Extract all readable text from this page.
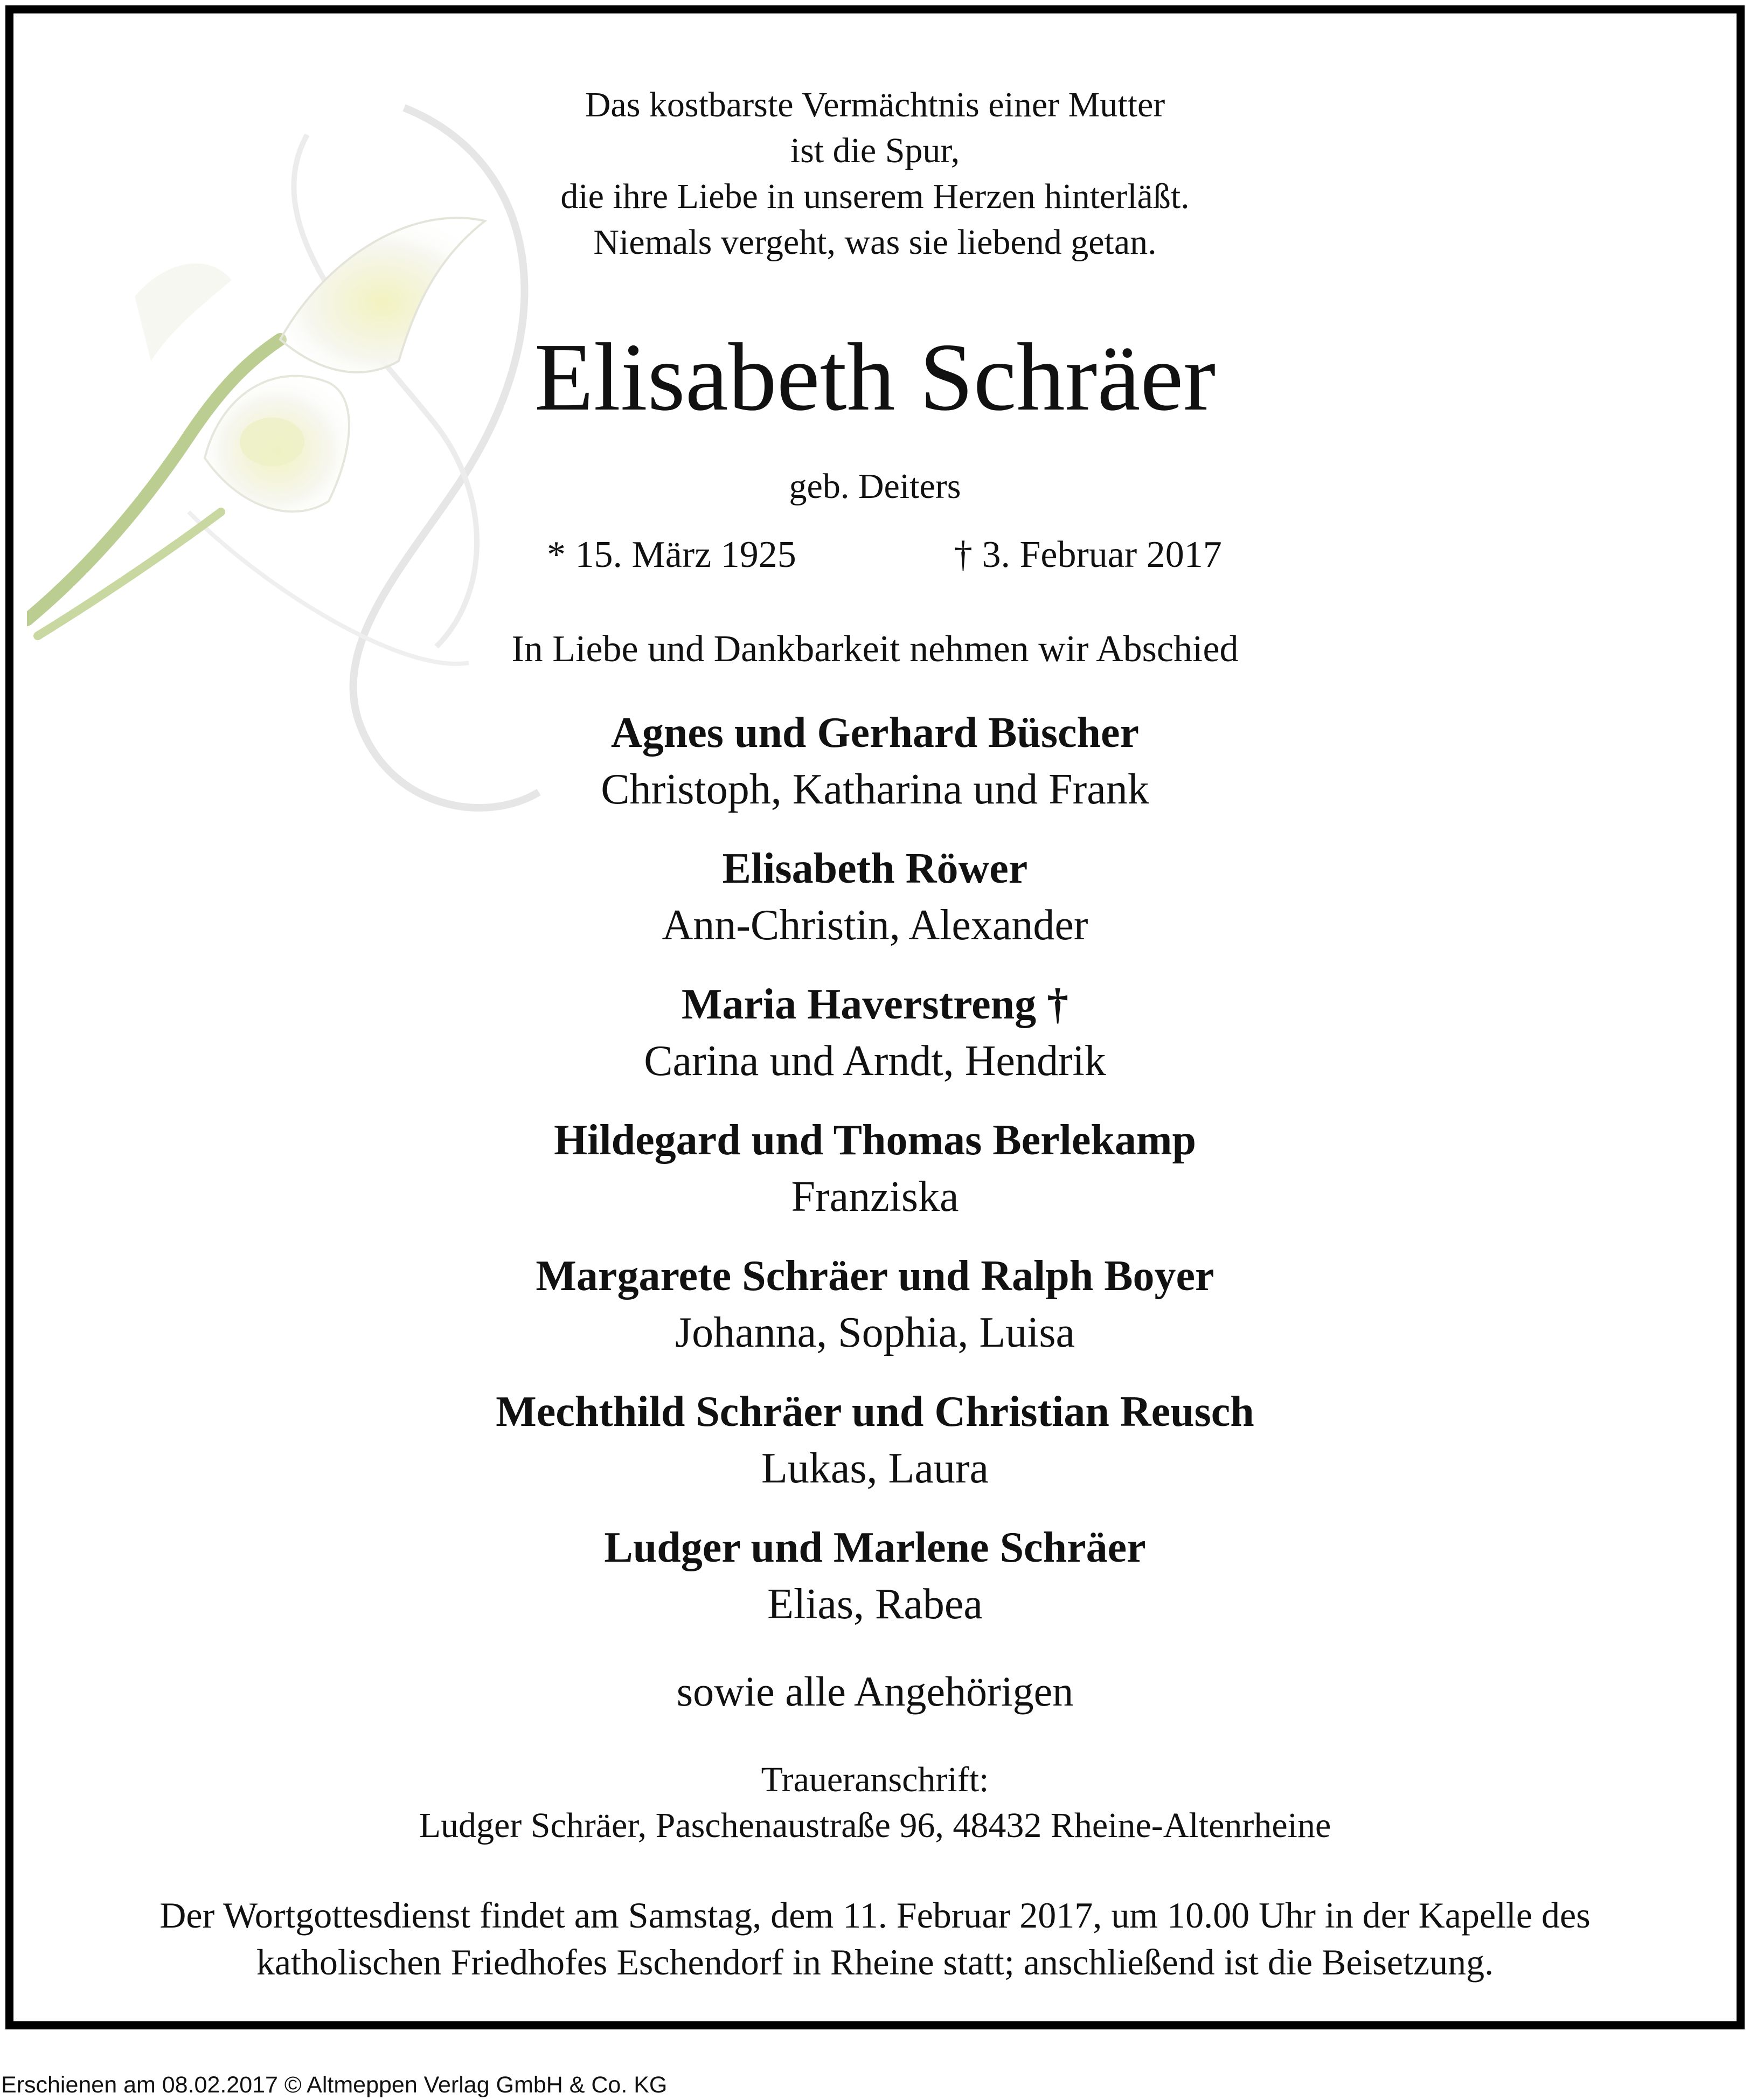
Das kostbarste Vermächtnis einer Mutter
ist die Spur,
die ihre Liebe in unserem Herzen hinterläßt.
Niemals vergeht, was sie liebend getan.
Elisabeth Schräer
geb. Deiters
* 15. März 1925	† 3. Februar 2017
In Liebe und Dankbarkeit nehmen wir Abschied
Agnes und Gerhard Büscher
Christoph, Katharina und Frank
Elisabeth Röwer
Ann-Christin, Alexander
Maria Haverstreng †
Carina und Arndt, Hendrik
Hildegard und Thomas Berlekamp
Franziska
Margarete Schräer und Ralph Boyer
Johanna, Sophia, Luisa
Mechthild Schräer und Christian Reusch
Lukas, Laura
Ludger und Marlene Schräer
Elias, Rabea
sowie alle Angehörigen
Traueranschrift:
Ludger Schräer, Paschenaustraße 96, 48432 Rheine-Altenrheine
Der Wortgottesdienst findet am Samstag, dem 11. Februar 2017, um 10.00 Uhr in der Kapelle des
katholischen Friedhofes Eschendorf in Rheine statt; anschließend ist die Beisetzung.
Erschienen am 08.02.2017 © Altmeppen Verlag GmbH & Co. KG
